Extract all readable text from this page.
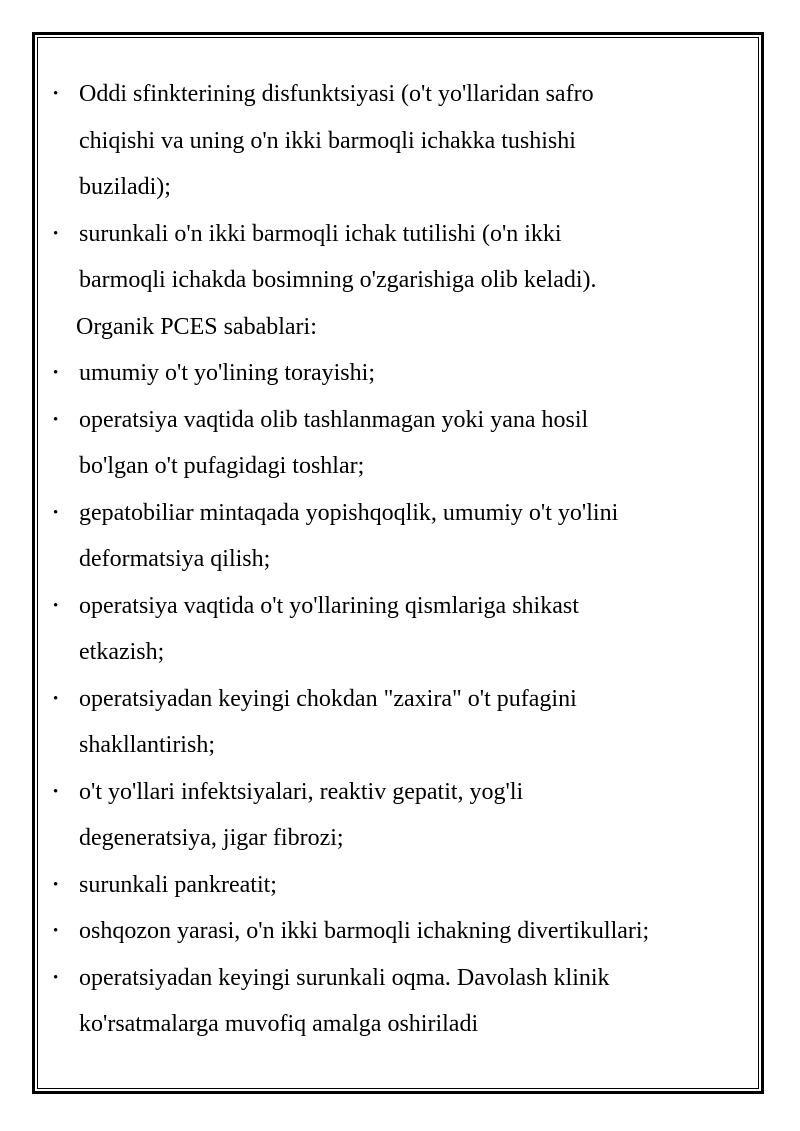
• Oddi sfinkterining disfunktsiyasi (o't yo'llaridan safro
chiqishi va uning o'n ikki barmoqli ichakka tushishi
buziladi);
• surunkali o'n ikki barmoqli ichak tutilishi (o'n ikki
barmoqli ichakda bosimning o'zgarishiga olib keladi).
Organik PCES sabablari:
• umumiy o't yo'lining torayishi;
• operatsiya vaqtida olib tashlanmagan yoki yana hosil
bo'lgan o't pufagidagi toshlar;
• gepatobiliar mintaqada yopishqoqlik, umumiy o't yo'lini
deformatsiya qilish;
• operatsiya vaqtida o't yo'llarining qismlariga shikast
etkazish;
• operatsiyadan keyingi chokdan "zaxira" o't pufagini
shakllantirish;
• o't yo'llari infektsiyalari, reaktiv gepatit, yog'li
degeneratsiya, jigar fibrozi;
• surunkali pankreatit;
• oshqozon yarasi, o'n ikki barmoqli ichakning divertikullari;
• operatsiyadan keyingi surunkali oqma. Davolash klinik
ko'rsatmalarga muvofiq amalga oshiriladi
